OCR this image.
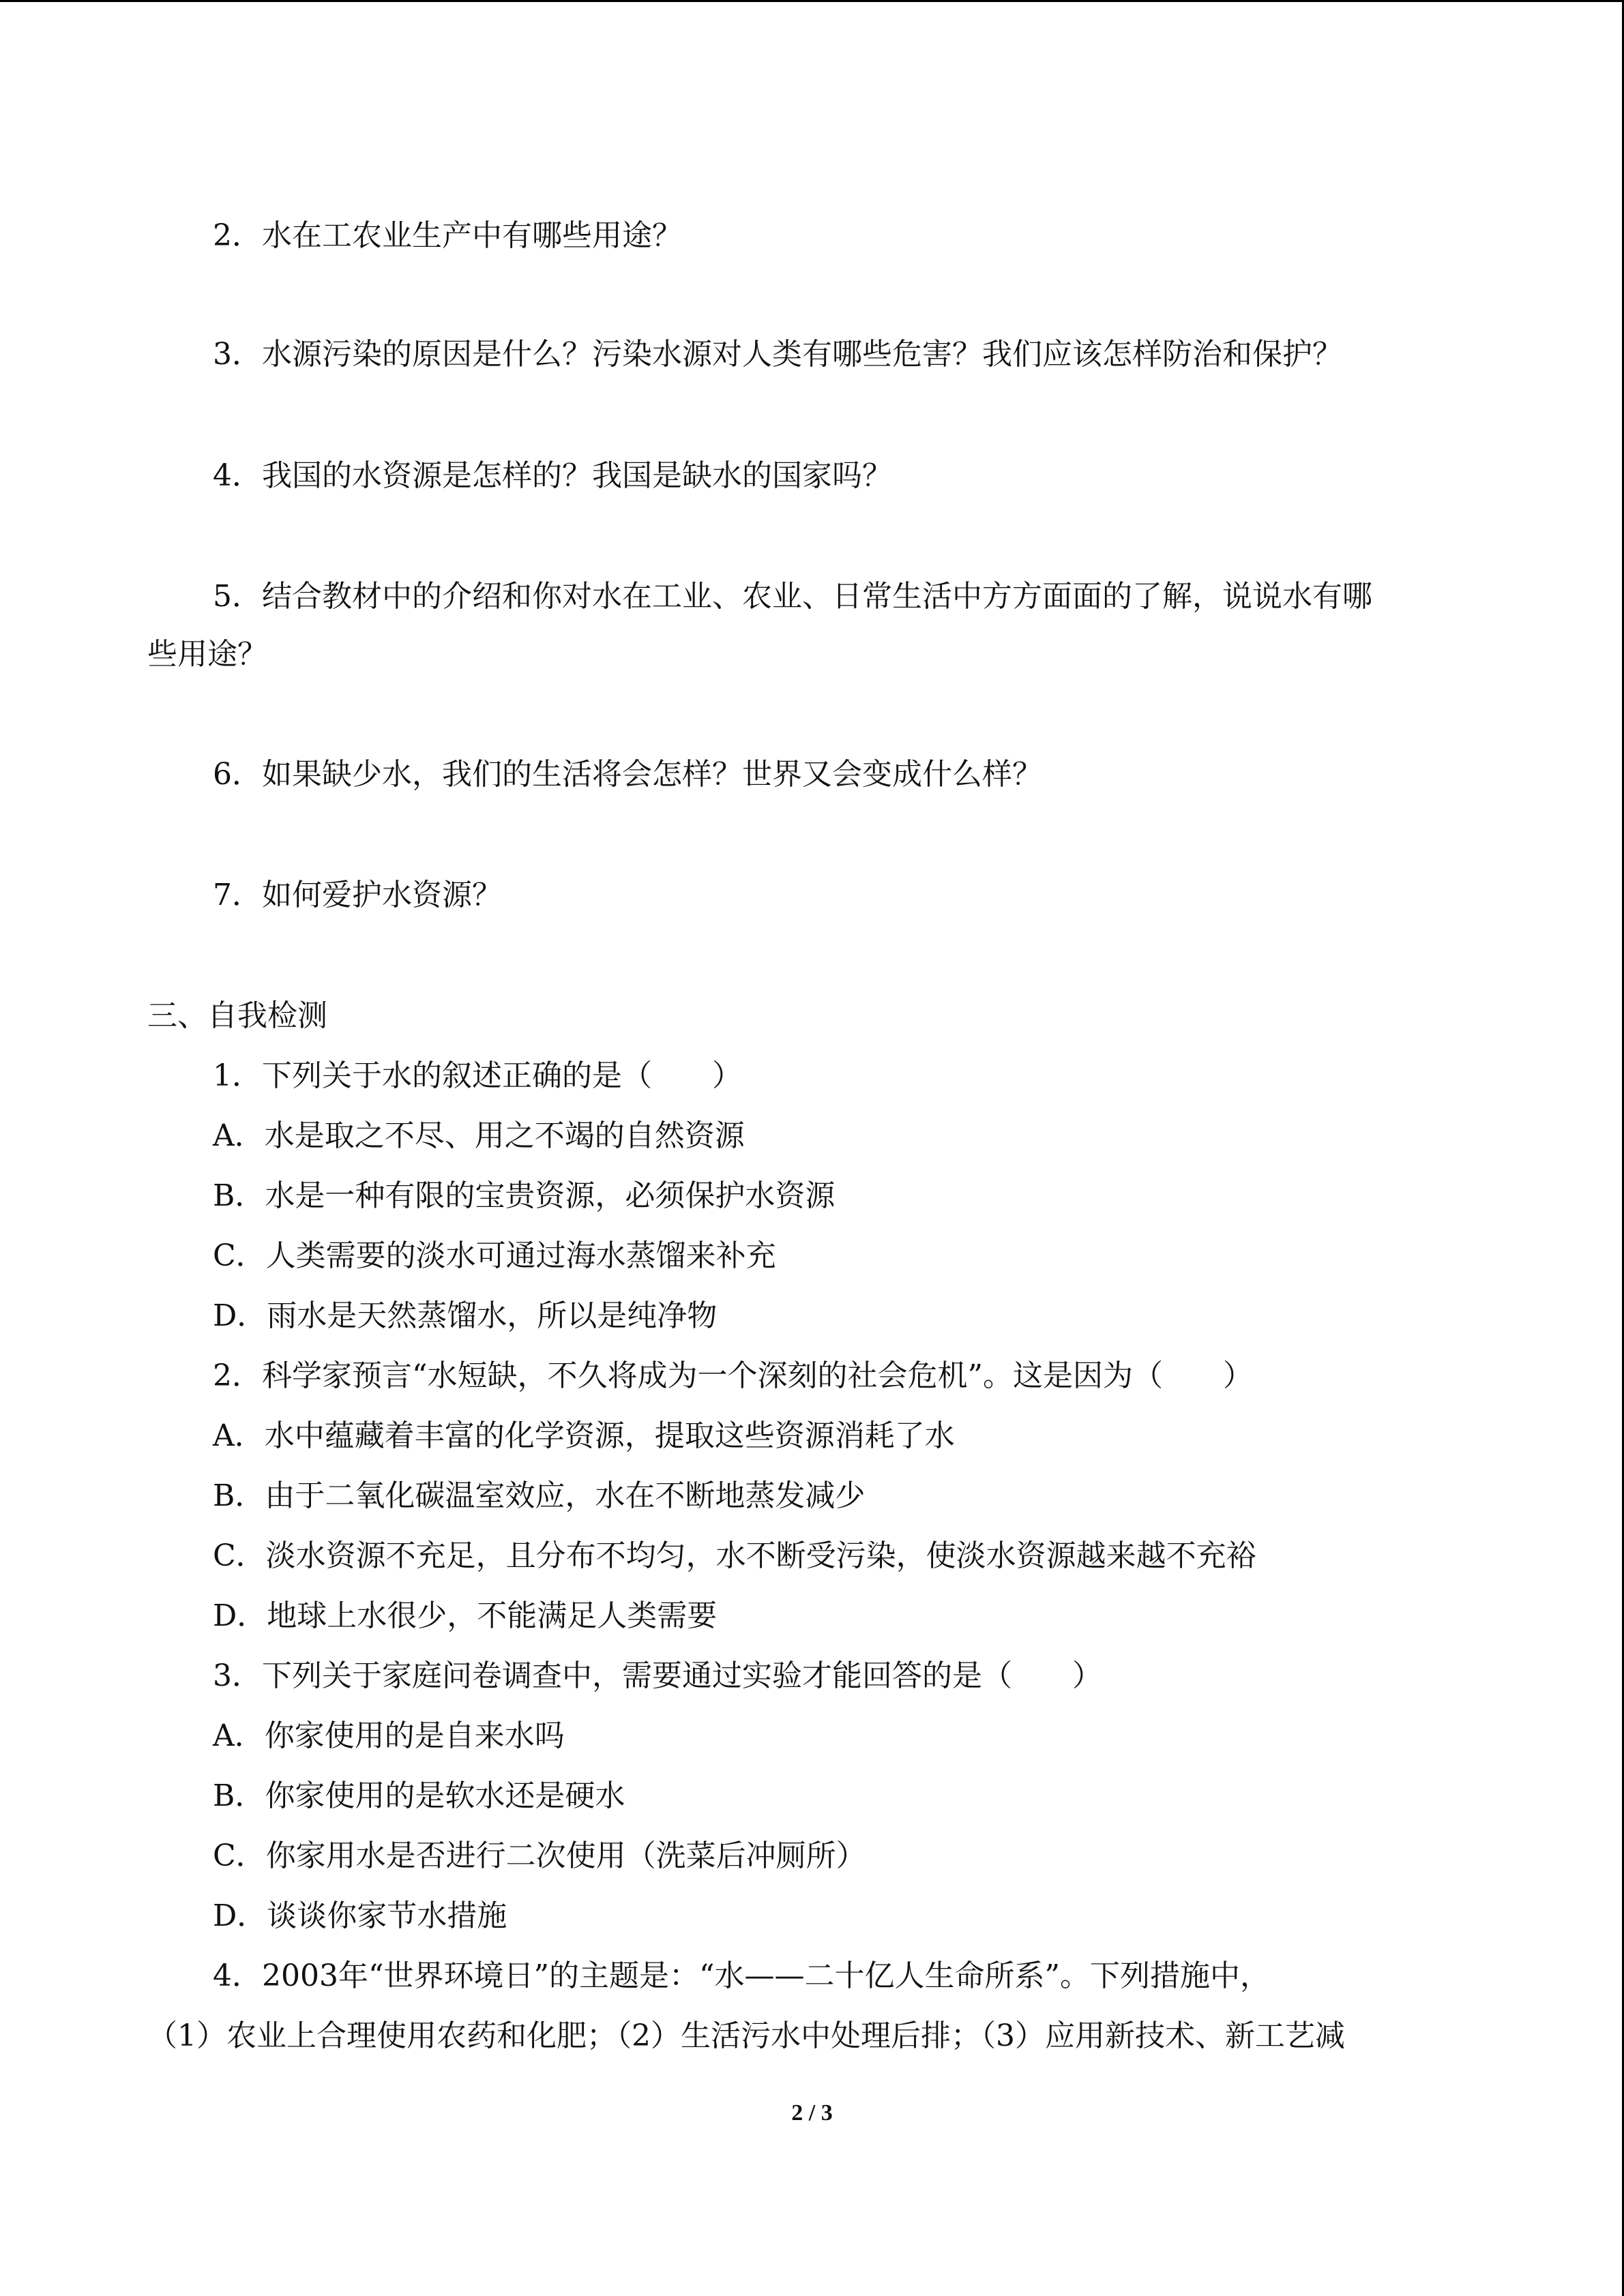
2．水在工农业生产中有哪些用途？
3．水源污染的原因是什么？污染水源对人类有哪些危害？我们应该怎样防治和保护？
4．我国的水资源是怎样的？我国是缺水的国家吗？
5．结合教材中的介绍和你对水在工业、农业、日常生活中方方面面的了解，说说水有哪
些用途？
6．如果缺少水，我们的生活将会怎样？世界又会变成什么样？
7．如何爱护水资源？
三、自我检测
1．下列关于水的叙述正确的是（　　）
A．水是取之不尽、用之不竭的自然资源
B．水是一种有限的宝贵资源，必须保护水资源
C．人类需要的淡水可通过海水蒸馏来补充
D．雨水是天然蒸馏水，所以是纯净物
2．科学家预言“水短缺，不久将成为一个深刻的社会危机”。这是因为（　　）
A．水中蕴藏着丰富的化学资源，提取这些资源消耗了水
B．由于二氧化碳温室效应，水在不断地蒸发减少
C．淡水资源不充足，且分布不均匀，水不断受污染，使淡水资源越来越不充裕
D．地球上水很少，不能满足人类需要
3．下列关于家庭问卷调查中，需要通过实验才能回答的是（　　）
A．你家使用的是自来水吗
B．你家使用的是软水还是硬水
C．你家用水是否进行二次使用（洗菜后冲厕所）
D．谈谈你家节水措施
4．2003年“世界环境日”的主题是：“水——二十亿人生命所系”。下列措施中，
（1）农业上合理使用农药和化肥；（2）生活污水中处理后排；（3）应用新技术、新工艺减
2 / 3
